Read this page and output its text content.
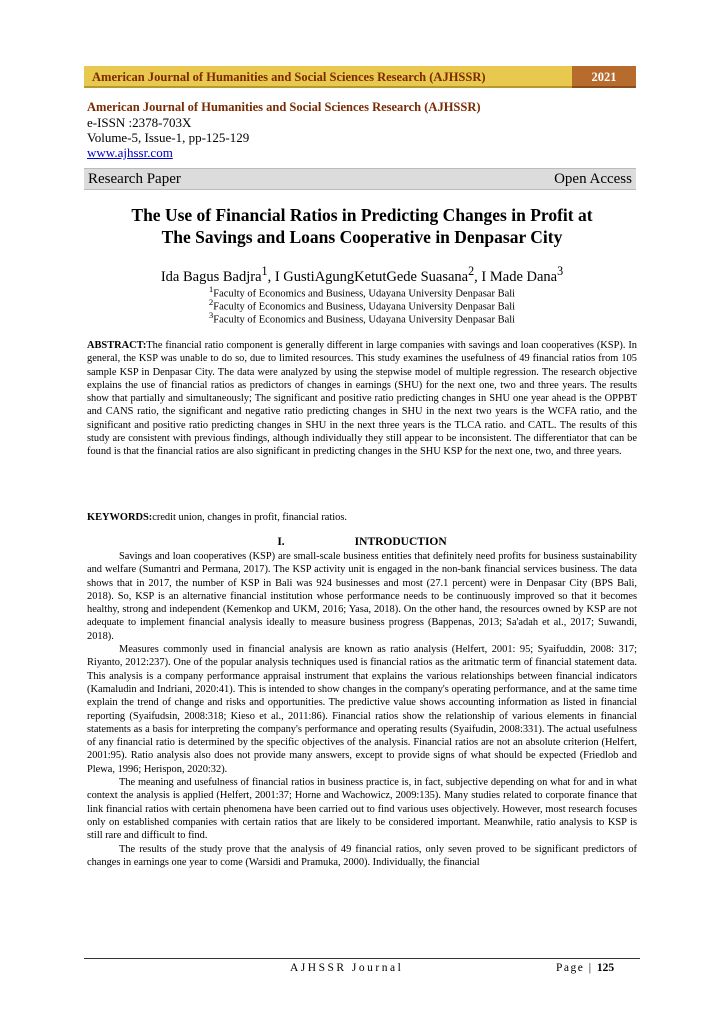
American Journal of Humanities and Social Sciences Research (AJHSSR)	2021
American Journal of Humanities and Social Sciences Research (AJHSSR)
e-ISSN :2378-703X
Volume-5, Issue-1, pp-125-129
www.ajhssr.com
Research Paper	Open Access
The Use of Financial Ratios in Predicting Changes in Profit at
The Savings and Loans Cooperative in Denpasar City
Ida Bagus Badjra$^1$, I GustiAgungKetutGede Suasana$^2$, I Made Dana$^3$
$^1$Faculty of Economics and Business, Udayana University Denpasar Bali
$^2$Faculty of Economics and Business, Udayana University Denpasar Bali
$^3$Faculty of Economics and Business, Udayana University Denpasar Bali
ABSTRACT:The financial ratio component is generally different in large companies with savings and loan cooperatives (KSP). In general, the KSP was unable to do so, due to limited resources. This study examines the usefulness of 49 financial ratios from 105 sample KSP in Denpasar City. The data were analyzed by using the stepwise model of multiple regression. The research objective explains the use of financial ratios as predictors of changes in earnings (SHU) for the next one, two and three years. The results show that partially and simultaneously; The significant and positive ratio predicting changes in SHU one year ahead is the OPPBT and CANS ratio, the significant and negative ratio predicting changes in SHU in the next two years is the WCFA ratio, and the significant and positive ratio predicting changes in SHU in the next three years is the TLCA ratio. and CATL. The results of this study are consistent with previous findings, although individually they still appear to be inconsistent. The differentiator that can be found is that the financial ratios are also significant in predicting changes in the SHU KSP for the next one, two, and three years.
KEYWORDS:credit union, changes in profit, financial ratios.
I.	INTRODUCTION

Savings and loan cooperatives (KSP) are small-scale business entities that definitely need profits for business sustainability and welfare (Sumantri and Permana, 2017). The KSP activity unit is engaged in the non-bank financial services business. The data shows that in 2017, the number of KSP in Bali was 924 businesses and most (27.1 percent) were in Denpasar City (BPS Bali, 2018). So, KSP is an alternative financial institution whose performance needs to be continuously improved so that it becomes healthy, strong and independent (Kemenkop and UKM, 2016; Yasa, 2018). On the other hand, the resources owned by KSP are not adequate to implement financial analysis ideally to measure business progress (Bappenas, 2013; Sa'adah et al., 2017; Suwandi, 2018).

Measures commonly used in financial analysis are known as ratio analysis (Helfert, 2001: 95; Syaifuddin, 2008: 317; Riyanto, 2012:237). One of the popular analysis techniques used is financial ratios as the aritmatic term of financial statement data. This analysis is a company performance appraisal instrument that explains the various relationships between financial indicators (Kamaludin and Indriani, 2020:41). This is intended to show changes in the company's operating performance, and at the same time explain the trend of change and risks and opportunities. The predictive value shows accounting information as listed in financial reporting (Syaifudsin, 2008:318; Kieso et al., 2011:86). Financial ratios show the relationship of various elements in financial statements as a basis for interpreting the company's performance and operating results (Syaifudin, 2008:331). The actual usefulness of any financial ratio is determined by the specific objectives of the analysis. Financial ratios are not an absolute criterion (Helfert, 2001:95). Ratio analysis also does not provide many answers, except to provide signs of what should be expected (Friedlob and Plewa, 1996; Herispon, 2020:32).

The meaning and usefulness of financial ratios in business practice is, in fact, subjective depending on what for and in what context the analysis is applied (Helfert, 2001:37; Horne and Wachowicz, 2009:135). Many studies related to corporate finance that link financial ratios with certain phenomena have been carried out to find various uses objectively. However, most research focuses only on established companies with certain ratios that are likely to be considered important. Meanwhile, ratio analysis to KSP is still rare and difficult to find.

The results of the study prove that the analysis of 49 financial ratios, only seven proved to be significant predictors of changes in earnings one year to come (Warsidi and Pramuka, 2000). Individually, the financial

AJHSSR Journal	Page | 125
